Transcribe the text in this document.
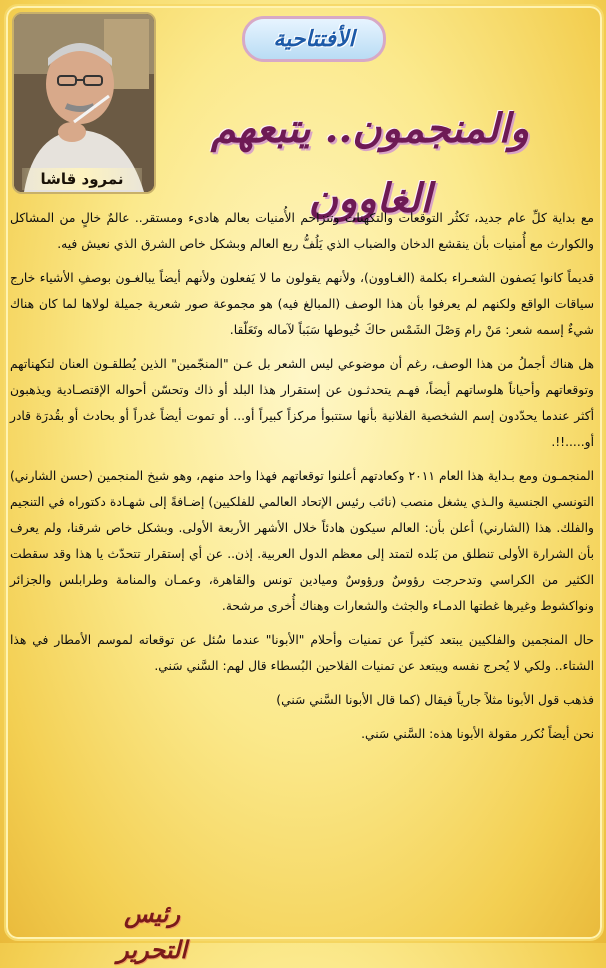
نمرود قاشا
الأفتتاحية
والمنجمون.. يتبعهم الغاوون

مع بداية كلِّ عام جديد، تَكثُر التوقعات والتكهنات وتتزاحم الأُمنيات بعالم هادىء ومستقر.. عالمٌ خالٍ من المشاكل والكوارث مع أُمنيات بأن ينقشع الدخان والضباب الذي يَلُفُّ ربع العالم وبشكل خاص الشرق الذي نعيش فيه.

قديماً كانوا يَصفون الشعـراء بكلمة (الغـاوون)، ولأنهم يقولون ما لا يَفعلون ولأنهم أيضاً يبالغـون بوصفِ الأشياء خارج سياقات الواقع ولكنهم لم يعرفوا بأن هذا الوصف (المبالغ فيه) هو مجموعة صور شعرية جميلة لولاها لما كان هناك شيءٌ إسمه شعر: مَنْ رام وَصْلَ الشَمْس حاكَ خُيوطها سَبَباً لآماله وتَعَلّقا.

هل هناك أجملُ من هذا الوصف، رغم أن موضوعي ليس الشعر بل عـن "المنجّمين" الذين يُطلقـون العنان لتكهناتهم وتوقعاتهم وأحياناً هلوساتهم أيضاً، فهـم يتحدثـون عن إستقرار هذا البلد أو ذاك وتحسّن أحواله الإقتصـادية ويذهبون أكثر عندما يحدّدون إسم الشخصية الفلانية بأنها ستتبوأ مركزاً كبيراً أو... أو تموت أيضاً غدراً أو بحادث أو بقُدرَة قادر أو.....!!.

المنجمـون ومع بـداية هذا العام ٢٠١١ وكعادتهم أعلنوا توقعاتهم فهذا واحد منهم، وهو شيخ المنجمين (حسن الشارني) التونسي الجنسية والـذي يشغل منصب (نائب رئيس الإتحاد العالمي للفلكيين) إضـافةً إلى شهـادة دكتوراه في التنجيم والفلك. هذا (الشارني) أعلن بأن: العالم سيكون هادئاً خلال الأشهر الأربعة الأولى. وبشكل خاص شرقنا، ولم يعرف بأن الشرارة الأولى تنطلق من بَلده لتمتد إلى معظم الدول العربية. إذن.. عن أي إستقرار تتحدّث يا هذا وقد سقطت الكثير من الكراسي وتدحرجت رؤوسٌ ورؤوسٌ وميادين تونس والقاهرة، وعمـان والمنامة وطرابلس والجزائر ونواكشوط وغيرها غطتها الدمـاء والجثث والشعارات وهناك أُخرى مرشحة.

حال المنجمين والفلكيين يبتعد كثيراً عن تمنيات وأحلام "الأبونا" عندما سُئل عن توقعاته لموسم الأمطار في هذا الشتاء.. ولكي لا يُحرج نفسه ويبتعد عن تمنيات الفلاحين البُسطاء قال لهم: السَّني سَني.

فذهب قول الأبونا مثلاً جارياً فيقال (كما قال الأبونا السَّني سَني)

نحن أيضاً نُكرر مقولة الأبونا هذه: السَّني سَني.

رئيس التحرير
